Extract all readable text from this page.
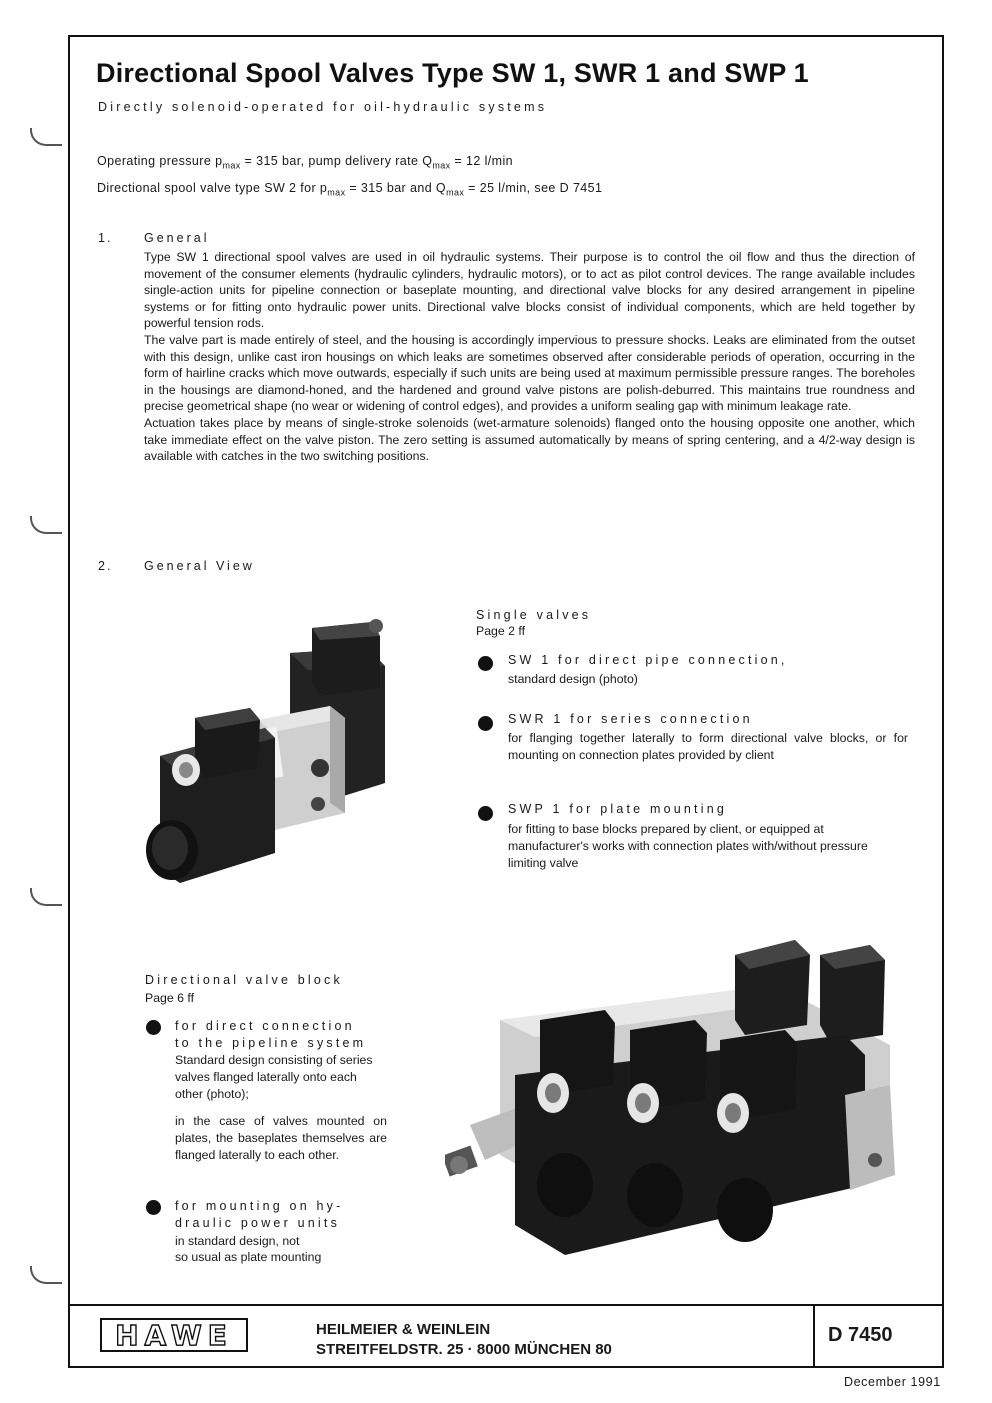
Directional Spool Valves Type SW 1, SWR 1 and SWP 1
Directly solenoid-operated for oil-hydraulic systems
Operating pressure $p_{max} = 315$ bar, pump delivery rate $Q_{max} = 12$ l/min
Directional spool valve type SW 2 for $p_{max} = 315$ bar and $Q_{max} = 25$ l/min, see D 7451
1.	General
Type SW 1 directional spool valves are used in oil hydraulic systems. Their purpose is to control the oil flow and thus the direction of movement of the consumer elements (hydraulic cylinders, hydraulic motors), or to act as pilot control devices. The range available includes single-action units for pipeline connection or baseplate mounting, and directional valve blocks for any desired arrangement in pipeline systems or for fitting onto hydraulic power units. Directional valve blocks consist of individual components, which are held together by powerful tension rods.
The valve part is made entirely of steel, and the housing is accordingly impervious to pressure shocks. Leaks are eliminated from the outset with this design, unlike cast iron housings on which leaks are sometimes observed after considerable periods of operation, occurring in the form of hairline cracks which move outwards, especially if such units are being used at maximum permissible pressure ranges. The boreholes in the housings are diamond-honed, and the hardened and ground valve pistons are polish-deburred. This maintains true roundness and precise geometrical shape (no wear or widening of control edges), and provides a uniform sealing gap with minimum leakage rate.
Actuation takes place by means of single-stroke solenoids (wet-armature solenoids) flanged onto the housing opposite one another, which take immediate effect on the valve piston. The zero setting is assumed automatically by means of spring centering, and a 4/2-way design is available with catches in the two switching positions.
2.	General View
Single valves
Page 2 ff
SW 1 for direct pipe connection,
standard design (photo)
SWR 1 for series connection
for flanging together laterally to form directional valve blocks, or for mounting on connection plates provided by client
SWP 1 for plate mounting
for fitting to base blocks prepared by client, or equipped at manufacturer's works with connection plates with/without pressure limiting valve
Directional valve block
Page 6 ff
for direct connection
to the pipeline system
Standard design consisting of series valves flanged laterally onto each other (photo);
in the case of valves mounted on plates, the baseplates themselves are flanged laterally to each other.
for mounting on hy-
draulic power units
in standard design, not
so usual as plate mounting
HAWE	HEILMEIER & WEINLEIN
STREITFELDSTR. 25 · 8000 MÜNCHEN 80
D 7450
December 1991
